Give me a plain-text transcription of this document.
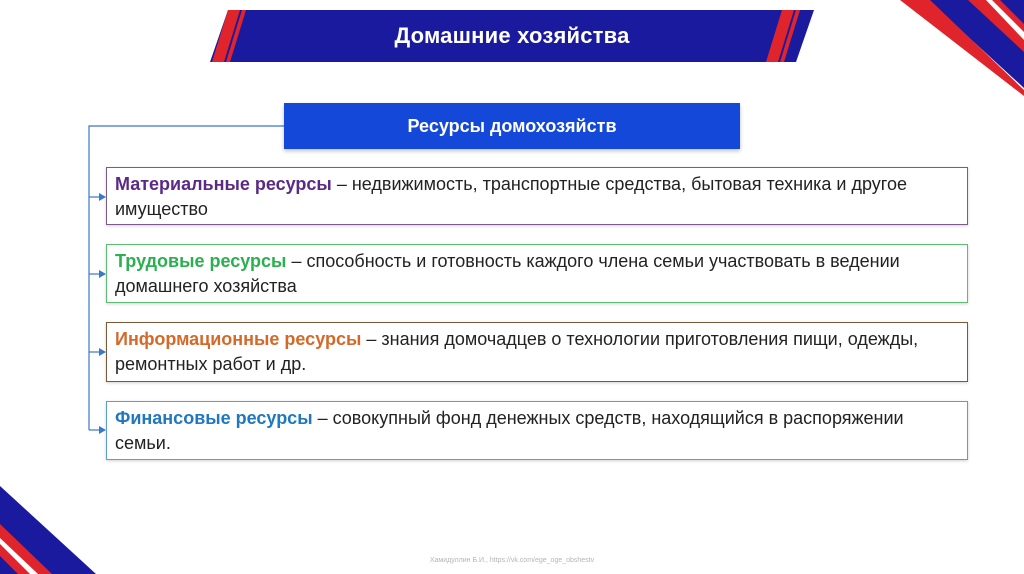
Домашние хозяйства
Ресурсы домохозяйств
Материальные ресурсы – недвижимость, транспортные средства, бытовая техника и другое имущество
Трудовые ресурсы – способность и готовность каждого члена семьи участвовать в ведении домашнего хозяйства
Информационные ресурсы – знания домочадцев о технологии приготовления пищи, одежды, ремонтных работ и др.
Финансовые ресурсы – совокупный фонд денежных средств, находящийся в распоряжении семьи.
Хамидуллин Б.И., https://vk.com/ege_oge_obshestv
